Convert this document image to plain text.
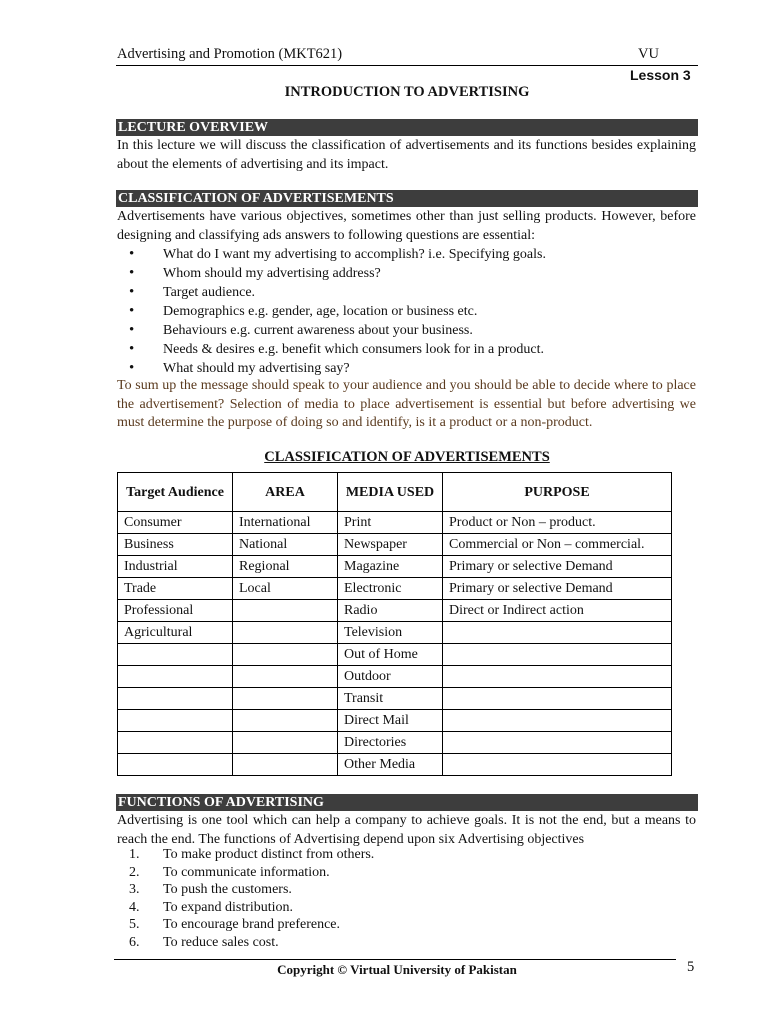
Advertising and Promotion (MKT621)	VU
Lesson 3
INTRODUCTION TO ADVERTISING
LECTURE OVERVIEW
In this lecture we will discuss the classification of advertisements and its functions besides explaining about the elements of advertising and its impact.
CLASSIFICATION OF ADVERTISEMENTS
Advertisements have various objectives, sometimes other than just selling products. However, before designing and classifying ads answers to following questions are essential:
• What do I want my advertising to accomplish? i.e. Specifying goals.
• Whom should my advertising address?
• Target audience.
• Demographics e.g. gender, age, location or business etc.
• Behaviours e.g. current awareness about your business.
• Needs & desires e.g. benefit which consumers look for in a product.
• What should my advertising say?
To sum up the message should speak to your audience and you should be able to decide where to place the advertisement? Selection of media to place advertisement is essential but before advertising we must determine the purpose of doing so and identify, is it a product or a non-product.
CLASSIFICATION OF ADVERTISEMENTS
Target Audience	AREA	MEDIA USED	PURPOSE
Consumer	International	Print	Product or Non – product.
Business	National	Newspaper	Commercial or Non – commercial.
Industrial	Regional	Magazine	Primary or selective Demand
Trade	Local	Electronic	Primary or selective Demand
Professional		Radio	Direct or Indirect action
Agricultural		Television	
		Out of Home	
		Outdoor	
		Transit	
		Direct Mail	
		Directories	
		Other Media	
FUNCTIONS OF ADVERTISING
Advertising is one tool which can help a company to achieve goals. It is not the end, but a means to reach the end. The functions of Advertising depend upon six Advertising objectives
1. To make product distinct from others.
2. To communicate information.
3. To push the customers.
4. To expand distribution.
5. To encourage brand preference.
6. To reduce sales cost.
Copyright © Virtual University of Pakistan	5
